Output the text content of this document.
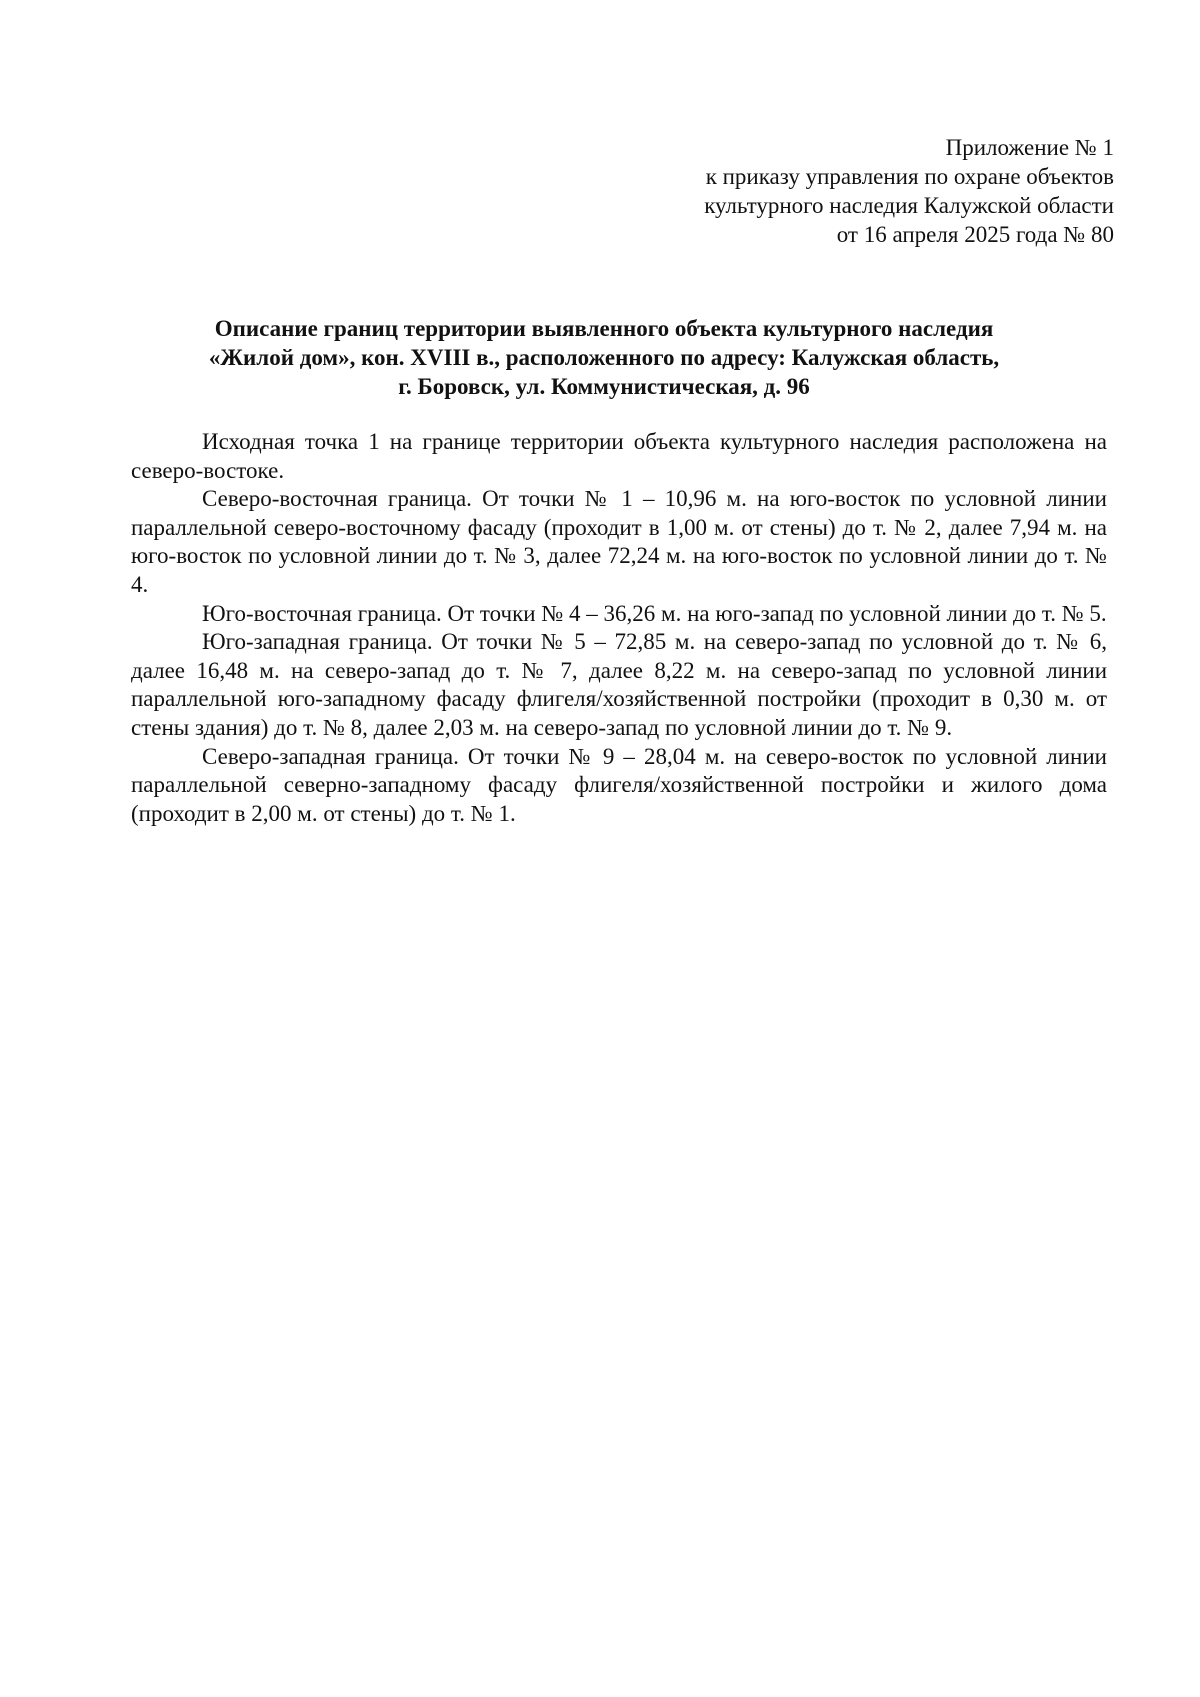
Приложение № 1
к приказу управления по охране объектов
культурного наследия Калужской области
от 16 апреля 2025 года № 80
Описание границ территории выявленного объекта культурного наследия
«Жилой дом», кон. XVIII в., расположенного по адресу: Калужская область,
г. Боровск, ул. Коммунистическая, д. 96

Исходная точка 1 на границе территории объекта культурного наследия расположена на северо-востоке.

Северо-восточная граница. От точки № 1 – 10,96 м. на юго-восток по условной линии параллельной северо-восточному фасаду (проходит в 1,00 м. от стены) до т. № 2, далее 7,94 м. на юго-восток по условной линии до т. № 3, далее 72,24 м. на юго-восток по условной линии до т. № 4.

Юго-восточная граница. От точки № 4 – 36,26 м. на юго-запад по условной линии до т. № 5.

Юго-западная граница. От точки № 5 – 72,85 м. на северо-запад по условной до т. № 6, далее 16,48 м. на северо-запад до т. № 7, далее 8,22 м. на северо-запад по условной линии параллельной юго-западному фасаду флигеля/хозяйственной постройки (проходит в 0,30 м. от стены здания) до т. № 8, далее 2,03 м. на северо-запад по условной линии до т. № 9.

Северо-западная граница. От точки № 9 – 28,04 м. на северо-восток по условной линии параллельной северно-западному фасаду флигеля/хозяйственной постройки и жилого дома (проходит в 2,00 м. от стены) до т. № 1.
